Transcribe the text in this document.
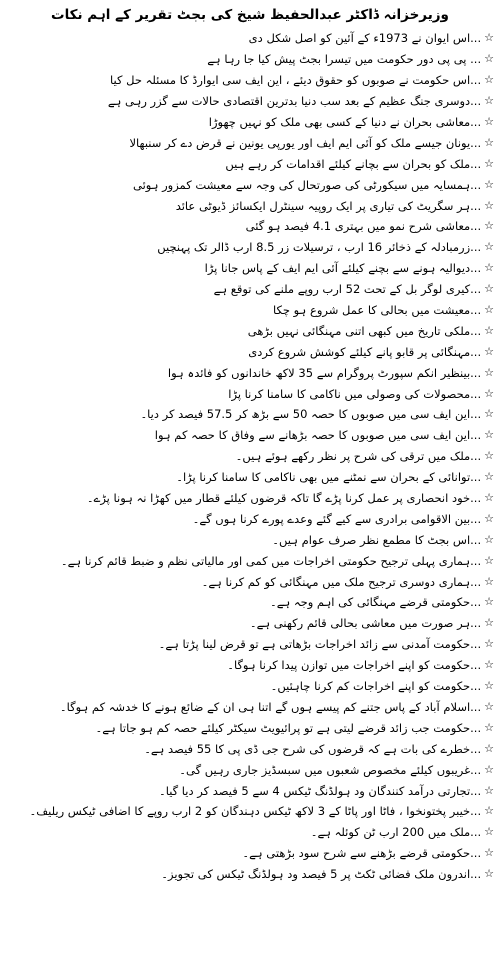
وزیرخزانہ ڈاکٹر عبدالحفیظ شیخ کی بجٹ تقریر کے اہم نکات
☆
...اس ایوان نے 1973ء کے آئین کو اصل شکل دی
☆
... پی پی دور حکومت میں تیسرا بجٹ پیش کیا جا رہا ہے
☆
...اس حکومت نے صوبوں کو حقوق دیئے ، این ایف سی ایوارڈ کا مسئلہ حل کیا
☆
...دوسری جنگ عظیم کے بعد سب دنیا بدترین اقتصادی حالات سے گزر رہی ہے
☆
...معاشی بحران نے دنیا کے کسی بھی ملک کو نہیں چھوڑا
☆
...یونان جیسے ملک کو آئی ایم ایف اور یورپی یونین نے قرض دے کر سنبھالا
☆
...ملک کو بحران سے بچانے کیلئے اقدامات کر رہے ہیں
☆
...ہمسایہ میں سیکورٹی کی صورتحال کی وجہ سے معیشت کمزور ہوئی
☆
...ہر سگریٹ کی تیاری پر ایک روپیہ سینٹرل ایکسائز ڈیوٹی عائد
☆
...معاشی شرح نمو میں بہتری 4.1 فیصد ہو گئی
☆
...زرمبادلہ کے ذخائر 16 ارب ، ترسیلات زر 8.5 ارب ڈالر تک پہنچیں
☆
...دیوالیہ ہونے سے بچنے کیلئے آئی ایم ایف کے پاس جانا پڑا
☆
...کیری لوگر بل کے تحت 52 ارب روپے ملنے کی توقع ہے
☆
...معیشت میں بحالی کا عمل شروع ہو چکا
☆
...ملکی تاریخ میں کبھی اتنی مہنگائی نہیں بڑھی
☆
...مہنگائی پر قابو پانے کیلئے کوشش شروع کردی
☆
...بینظیر انکم سپورٹ پروگرام سے 35 لاکھ خاندانوں کو فائدہ ہوا
☆
...محصولات کی وصولی میں ناکامی کا سامنا کرنا پڑا
☆
...این ایف سی میں صوبوں کا حصہ 50 سے بڑھ کر 57.5 فیصد کر دیا۔
☆
...این ایف سی میں صوبوں کا حصہ بڑھانے سے وفاق کا حصہ کم ہوا
☆
...ملک میں ترقی کی شرح پر نظر رکھے ہوئے ہیں۔
☆
...توانائی کے بحران سے نمٹنے میں بھی ناکامی کا سامنا کرنا پڑا۔
☆
...خود انحصاری پر عمل کرنا پڑے گا تاکہ قرضوں کیلئے قطار میں کھڑا نہ ہونا پڑے۔
☆
...بین الاقوامی برادری سے کیے گئے وعدے پورے کرنا ہوں گے۔
☆
...اس بجٹ کا مطمع نظر صرف عوام ہیں۔
☆
...ہماری پہلی ترجیح حکومتی اخراجات میں کمی اور مالیاتی نظم و ضبط قائم کرنا ہے۔
☆
...ہماری دوسری ترجیح ملک میں مہنگائی کو کم کرنا ہے۔
☆
...حکومتی قرضے مہنگائی کی اہم وجہ ہے۔
☆
...ہر صورت میں معاشی بحالی قائم رکھنی ہے۔
☆
...حکومت آمدنی سے زائد اخراجات بڑھاتی ہے تو قرض لینا پڑتا ہے۔
☆
...حکومت کو اپنے اخراجات میں توازن پیدا کرنا ہوگا۔
☆
...حکومت کو اپنے اخراجات کم کرنا چاہئیں۔
☆
...اسلام آباد کے پاس جتنے کم پیسے ہوں گے اتنا ہی ان کے ضائع ہونے کا خدشہ کم ہوگا۔
☆
...حکومت جب زائد قرضے لیتی ہے تو پرائیویٹ سیکٹر کیلئے حصہ کم ہو جاتا ہے۔
☆
...خطرے کی بات ہے کہ قرضوں کی شرح جی ڈی پی کا 55 فیصد ہے۔
☆
...غریبوں کیلئے مخصوص شعبوں میں سبسڈیز جاری رہیں گی۔
☆
...تجارتی درآمد کنندگان ود ہولڈنگ ٹیکس 4 سے 5 فیصد کر دیا گیا۔
☆
...خیبر پختونخوا ، فاٹا اور پاٹا کے 3 لاکھ ٹیکس دہندگان کو 2 ارب روپے کا اضافی ٹیکس ریلیف۔
☆
...ملک میں 200 ارب ٹن کوئلہ ہے۔
☆
...حکومتی قرضے بڑھنے سے شرح سود بڑھتی ہے۔
☆
...اندرون ملک فضائی ٹکٹ پر 5 فیصد ود ہولڈنگ ٹیکس کی تجویز۔
